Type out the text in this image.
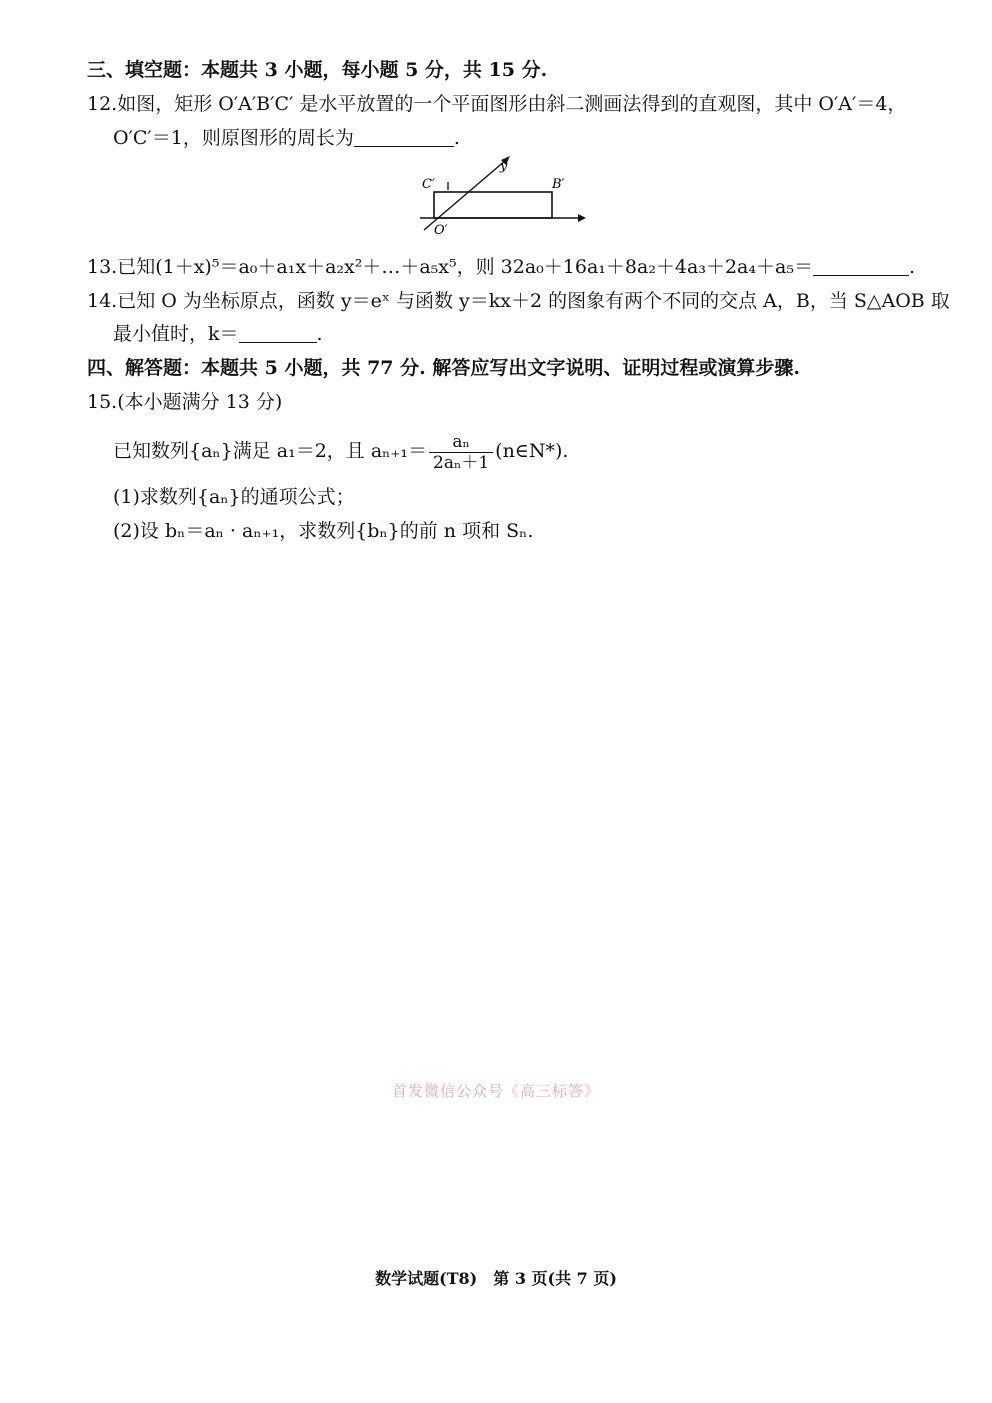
三、填空题：本题共 3 小题，每小题 5 分，共 15 分.
12.如图，矩形 O′A′B′C′ 是水平放置的一个平面图形由斜二测画法得到的直观图，其中 O′A′＝4，
O′C′＝1，则原图形的周长为	.
C′	B′
O′
y
13.已知(1＋x)⁵＝a₀＋a₁x＋a₂x²＋…＋a₅x⁵，则 32a₀＋16a₁＋8a₂＋4a₃＋2a₄＋a₅＝	.
14.已知 O 为坐标原点，函数 y＝eˣ 与函数 y＝kx＋2 的图象有两个不同的交点 A，B，当 S△AOB 取
最小值时，k＝	.
四、解答题：本题共 5 小题，共 77 分. 解答应写出文字说明、证明过程或演算步骤.
15.(本小题满分 13 分)
已知数列{aₙ}满足 a₁＝2，且 $a_{n+1}= \frac{\text{aₙ}}{\text{2aₙ＋1}}$ (n∈N*).
(1)求数列{aₙ}的通项公式；
(2)设 bₙ＝aₙ · aₙ₊₁，求数列{bₙ}的前 n 项和 Sₙ.
首发微信公众号《高三标答》
数学试题(T8)　第 3 页(共 7 页)
